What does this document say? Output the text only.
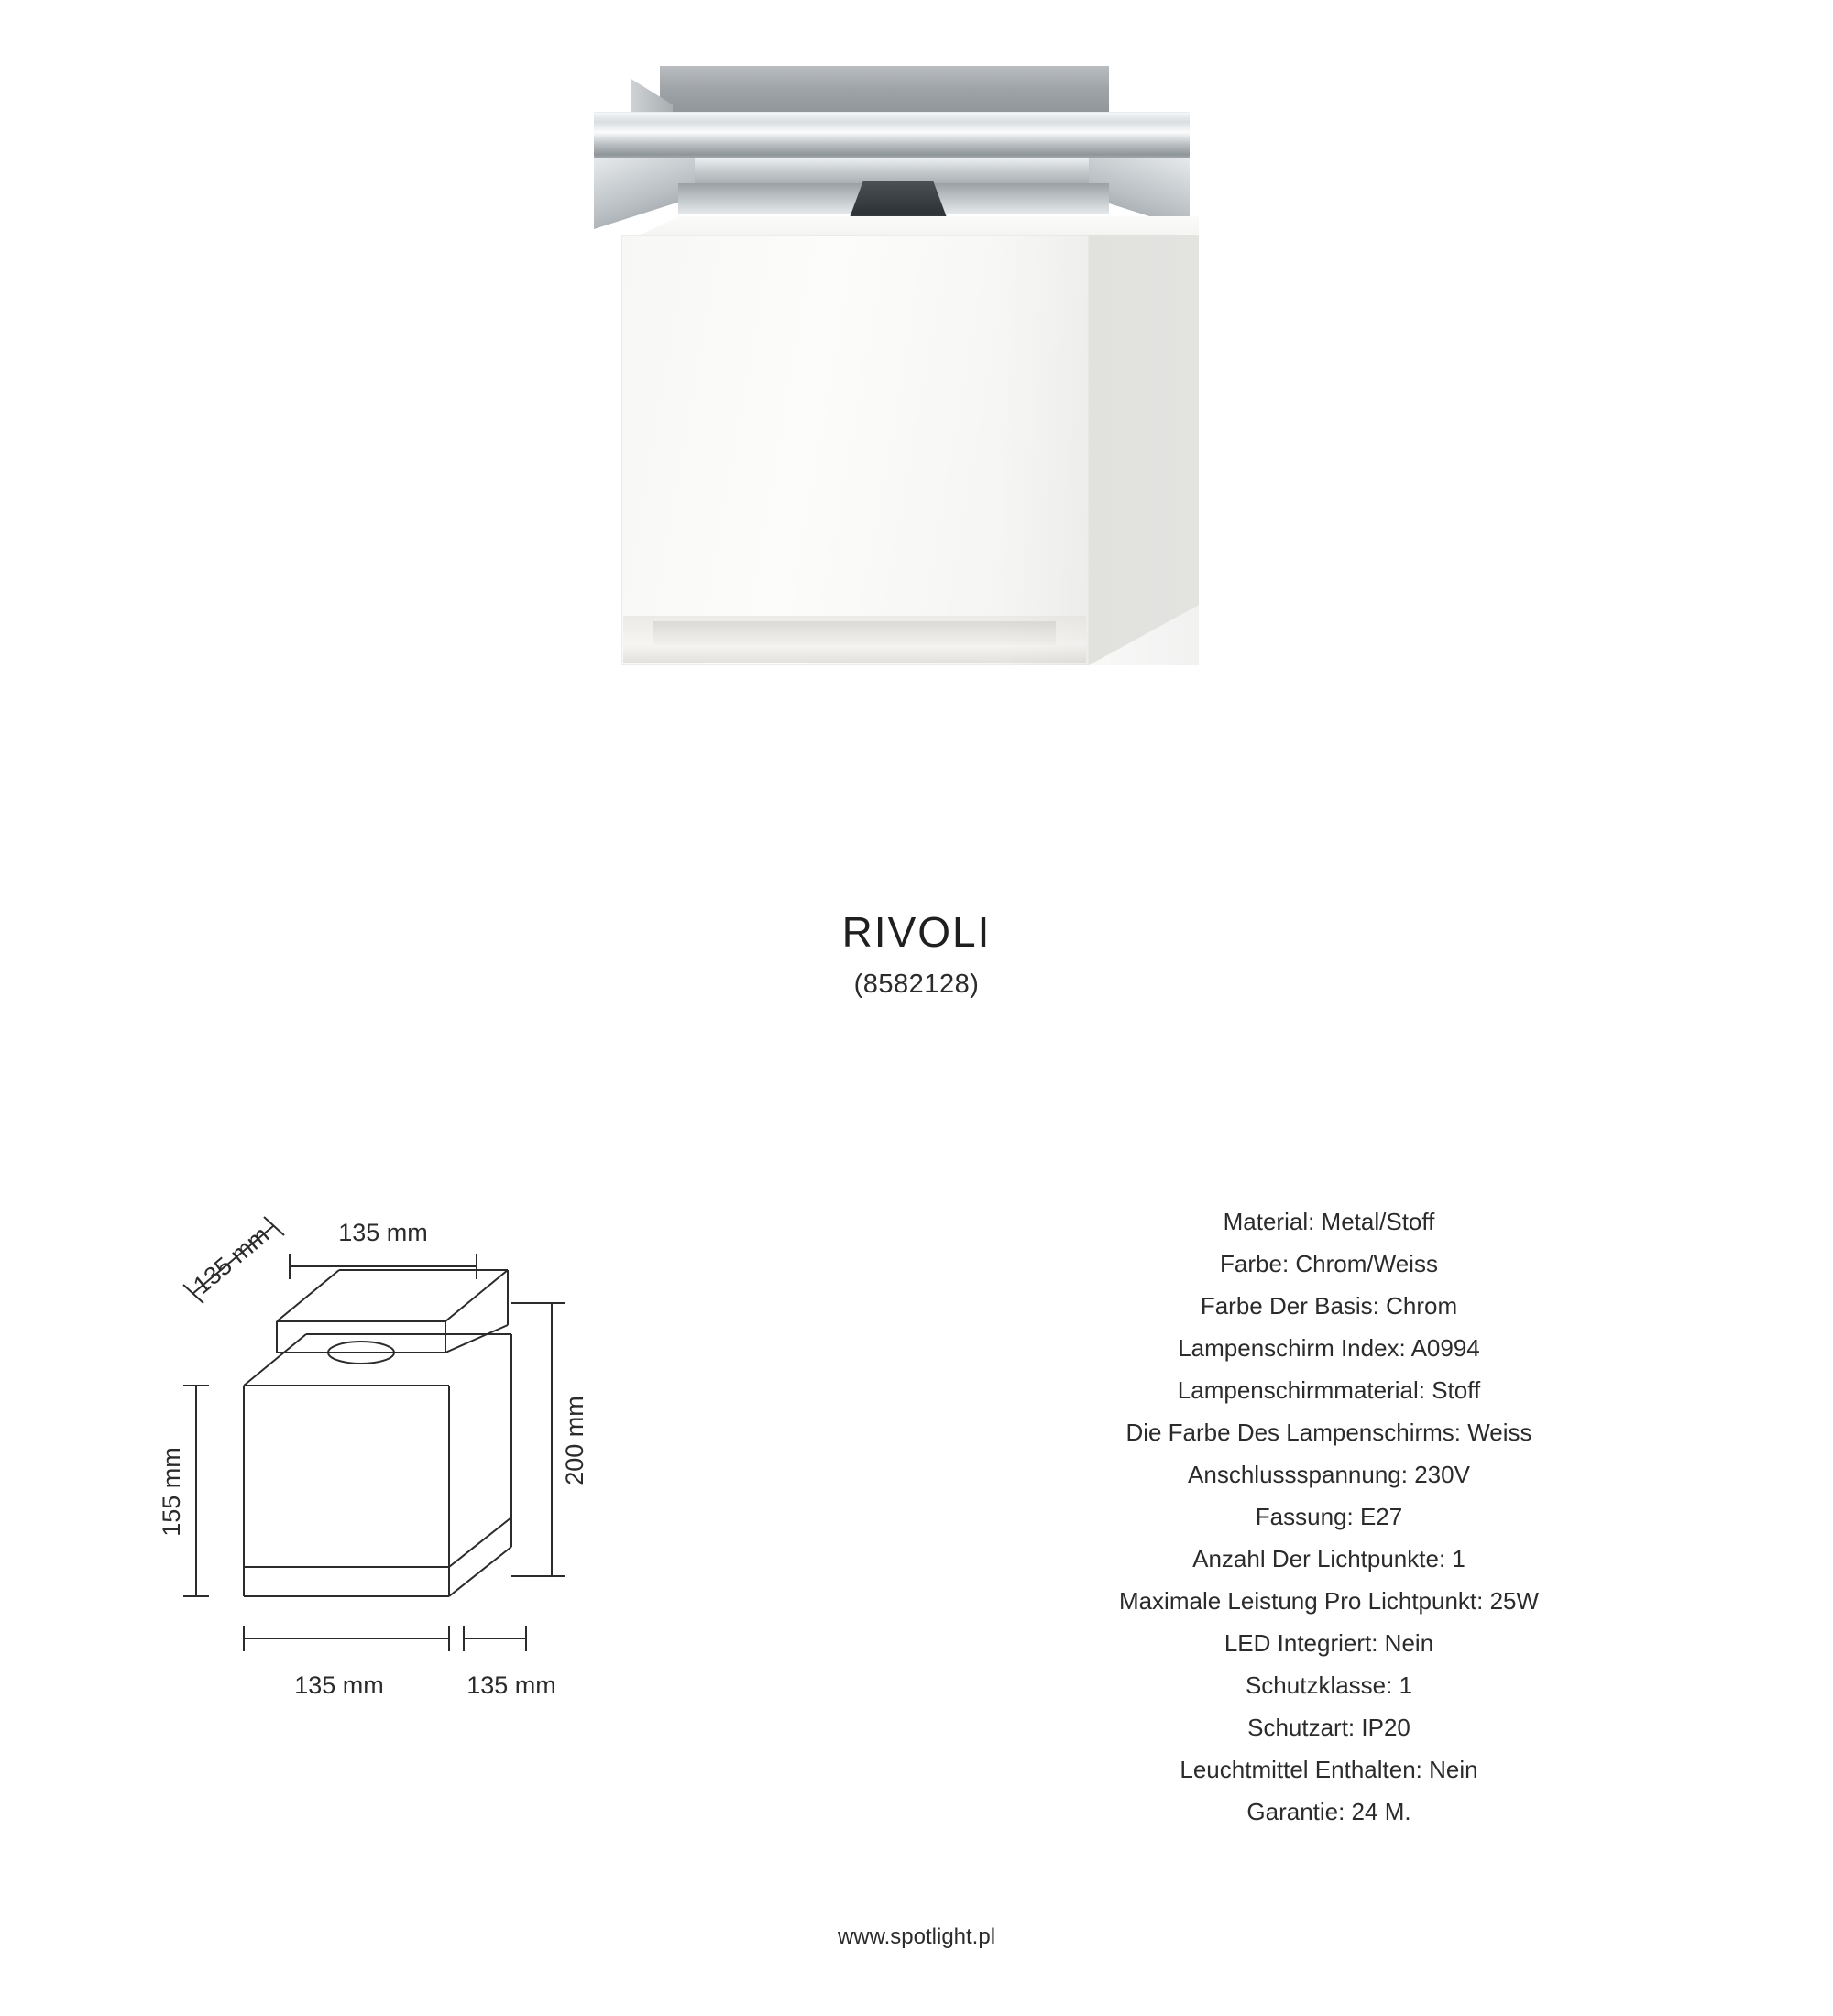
RIVOLI
(8582128)
135 mm
135 mm
155 mm
200 mm
135 mm	135 mm
Material: Metal/Stoff
Farbe: Chrom/Weiss
Farbe Der Basis: Chrom
Lampenschirm Index: A0994
Lampenschirmmaterial: Stoff
Die Farbe Des Lampenschirms: Weiss
Anschlussspannung: 230V
Fassung: E27
Anzahl Der Lichtpunkte: 1
Maximale Leistung Pro Lichtpunkt: 25W
LED Integriert: Nein
Schutzklasse: 1
Schutzart: IP20
Leuchtmittel Enthalten: Nein
Garantie: 24 M.
www.spotlight.pl
